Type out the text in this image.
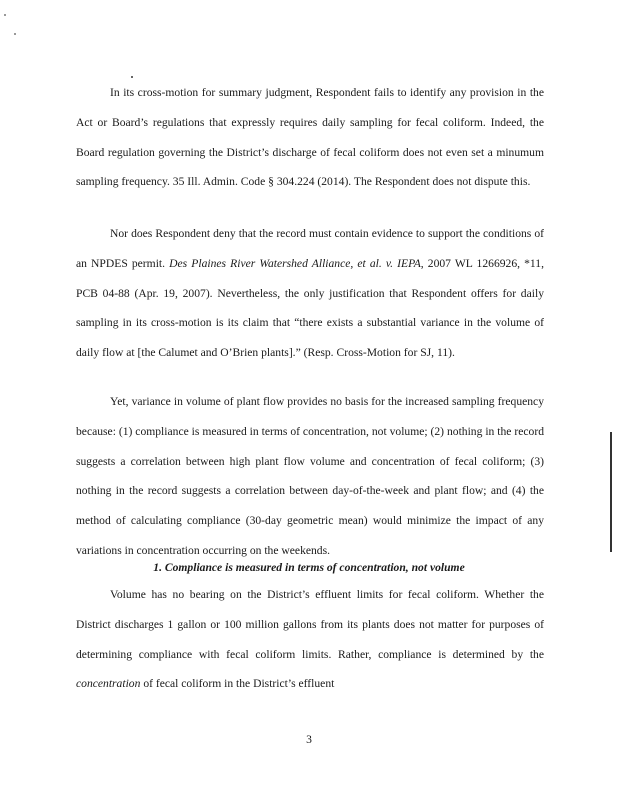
In its cross-motion for summary judgment, Respondent fails to identify any provision in the Act or Board’s regulations that expressly requires daily sampling for fecal coliform. Indeed, the Board regulation governing the District’s discharge of fecal coliform does not even set a minumum sampling frequency. 35 Ill. Admin. Code § 304.224 (2014). The Respondent does not dispute this.

Nor does Respondent deny that the record must contain evidence to support the conditions of an NPDES permit. Des Plaines River Watershed Alliance, et al. v. IEPA, 2007 WL 1266926, *11, PCB 04-88 (Apr. 19, 2007). Nevertheless, the only justification that Respondent offers for daily sampling in its cross-motion is its claim that “there exists a substantial variance in the volume of daily flow at [the Calumet and O’Brien plants].” (Resp. Cross-Motion for SJ, 11).

Yet, variance in volume of plant flow provides no basis for the increased sampling frequency because: (1) compliance is measured in terms of concentration, not volume; (2) nothing in the record suggests a correlation between high plant flow volume and concentration of fecal coliform; (3) nothing in the record suggests a correlation between day-of-the-week and plant flow; and (4) the method of calculating compliance (30-day geometric mean) would minimize the impact of any variations in concentration occurring on the weekends.

1. Compliance is measured in terms of concentration, not volume

Volume has no bearing on the District’s effluent limits for fecal coliform. Whether the District discharges 1 gallon or 100 million gallons from its plants does not matter for purposes of determining compliance with fecal coliform limits. Rather, compliance is determined by the concentration of fecal coliform in the District’s effluent

3
